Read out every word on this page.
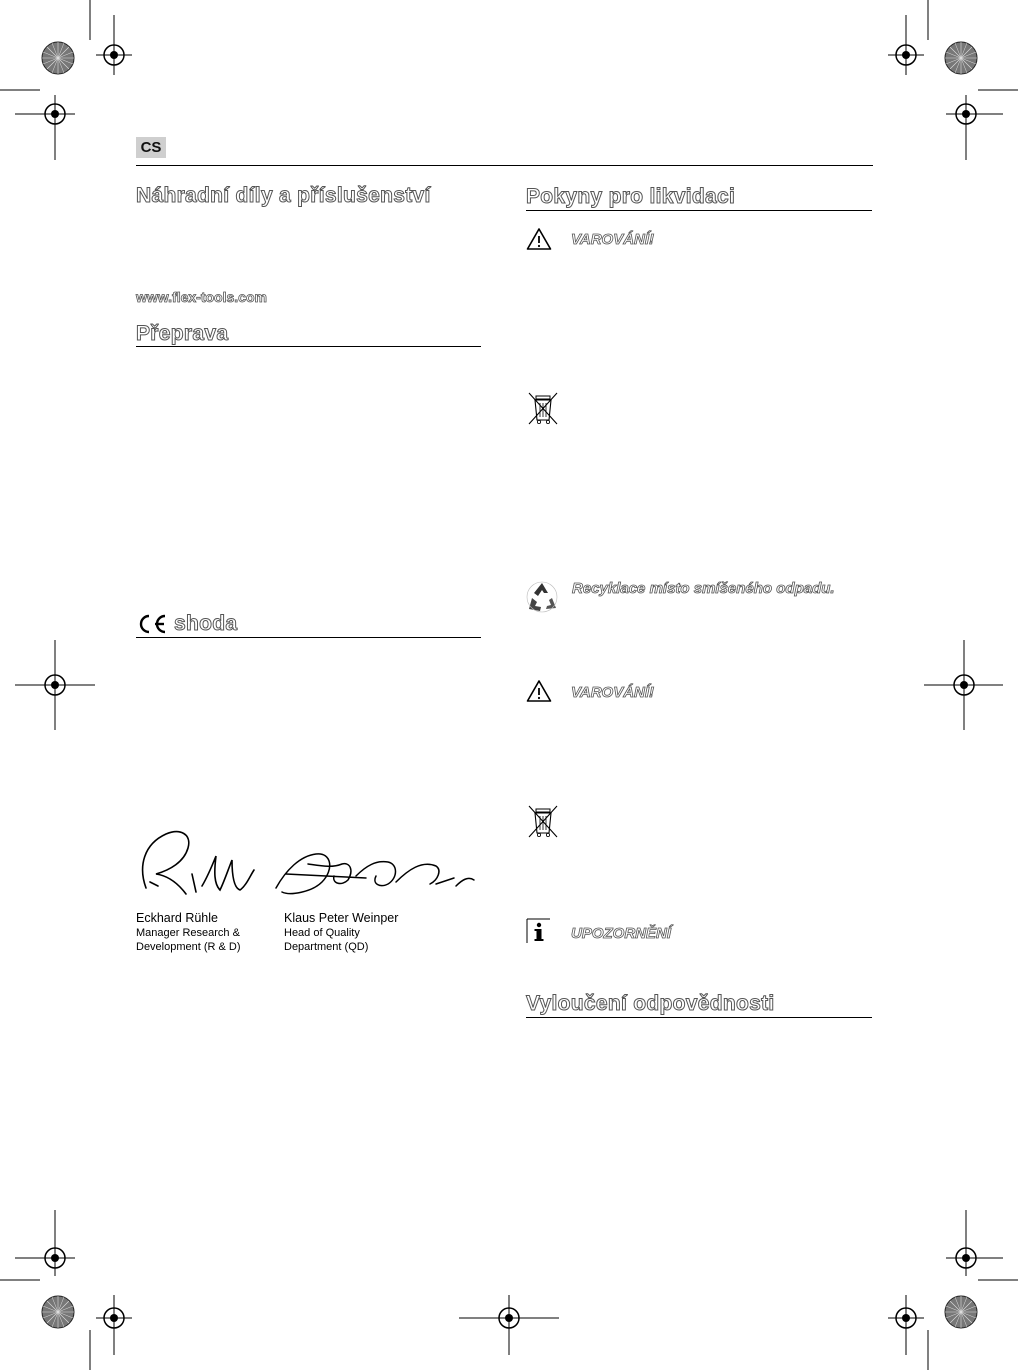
CS
Náhradní díly a příslušenství
www.flex-tools.com
Přeprava
shoda
Eckhard Rühle
Manager Research &
Development (R & D)
Klaus Peter Weinper
Head of Quality
Department (QD)
Pokyny pro likvidaci
VAROVÁNÍ!
Recyklace místo smíšeného odpadu.
VAROVÁNÍ!
UPOZORNĚNÍ
Vyloučení odpovědnosti
